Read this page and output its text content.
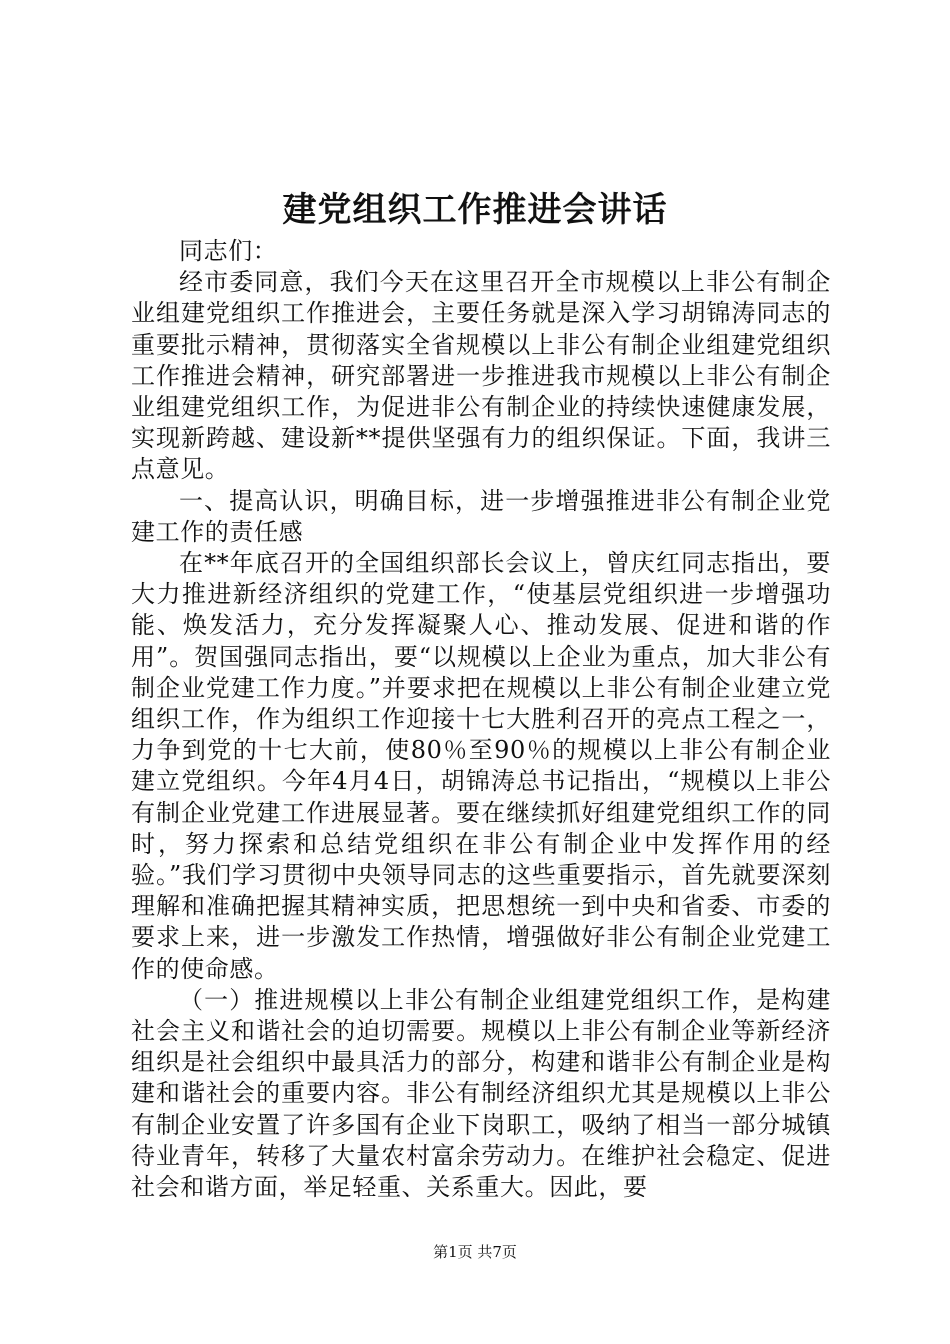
建党组织工作推进会讲话

同志们：

经市委同意，我们今天在这里召开全市规模以上非公有制企业组建党组织工作推进会，主要任务就是深入学习胡锦涛同志的重要批示精神，贯彻落实全省规模以上非公有制企业组建党组织工作推进会精神，研究部署进一步推进我市规模以上非公有制企业组建党组织工作，为促进非公有制企业的持续快速健康发展，实现新跨越、建设新**提供坚强有力的组织保证。下面，我讲三点意见。

一、提高认识，明确目标，进一步增强推进非公有制企业党建工作的责任感

在**年底召开的全国组织部长会议上，曾庆红同志指出，要大力推进新经济组织的党建工作，“使基层党组织进一步增强功能、焕发活力，充分发挥凝聚人心、推动发展、促进和谐的作用”。贺国强同志指出，要“以规模以上企业为重点，加大非公有制企业党建工作力度。”并要求把在规模以上非公有制企业建立党组织工作，作为组织工作迎接十七大胜利召开的亮点工程之一，力争到党的十七大前，使80％至90％的规模以上非公有制企业建立党组织。今年4月4日，胡锦涛总书记指出，“规模以上非公有制企业党建工作进展显著。要在继续抓好组建党组织工作的同时，努力探索和总结党组织在非公有制企业中发挥作用的经验。”我们学习贯彻中央领导同志的这些重要指示，首先就要深刻理解和准确把握其精神实质，把思想统一到中央和省委、市委的要求上来，进一步激发工作热情，增强做好非公有制企业党建工作的使命感。

（一）推进规模以上非公有制企业组建党组织工作，是构建社会主义和谐社会的迫切需要。规模以上非公有制企业等新经济组织是社会组织中最具活力的部分，构建和谐非公有制企业是构建和谐社会的重要内容。非公有制经济组织尤其是规模以上非公有制企业安置了许多国有企业下岗职工，吸纳了相当一部分城镇待业青年，转移了大量农村富余劳动力。在维护社会稳定、促进社会和谐方面，举足轻重、关系重大。因此，要

第1页 共7页
